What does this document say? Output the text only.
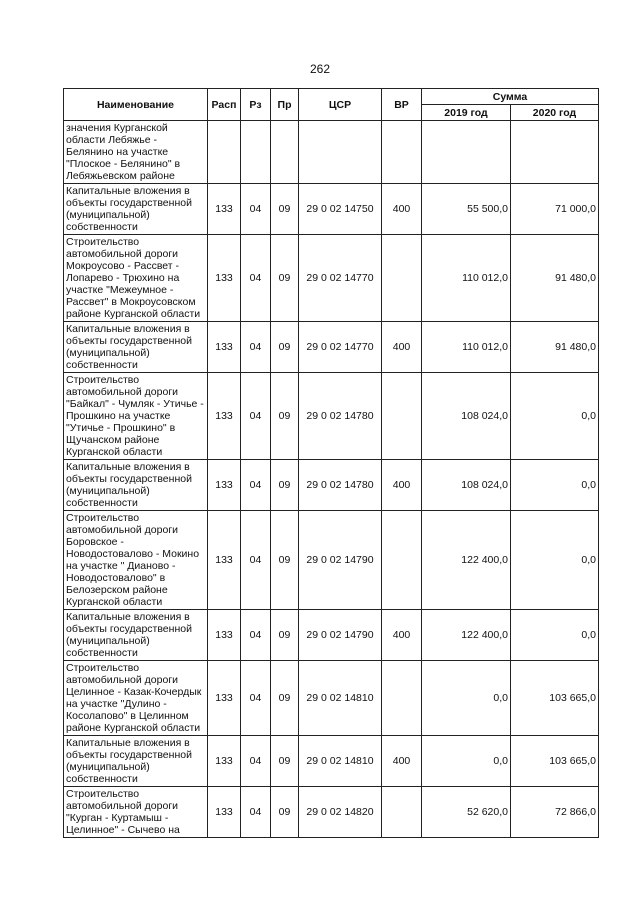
262
Наименование	Расп	Рз	Пр	ЦСР	ВР	Сумма	
						2019 год	2020 год
значения Курганской области Лебяжье - Белянино на участке "Плоское - Белянино" в Лебяжьевском районе							
Капитальные вложения в объекты государственной (муниципальной) собственности	133	04	09	29 0 02 14750	400	55 500,0	71 000,0
Строительство автомобильной дороги Мокроусово - Рассвет - Лопарево - Трюхино на участке "Межеумное - Рассвет" в Мокроусовском районе Курганской области	133	04	09	29 0 02 14770		110 012,0	91 480,0
Капитальные вложения в объекты государственной (муниципальной) собственности	133	04	09	29 0 02 14770	400	110 012,0	91 480,0
Строительство автомобильной дороги "Байкал" - Чумляк - Утичье - Прошкино на участке "Утичье - Прошкино" в Щучанском районе Курганской области	133	04	09	29 0 02 14780		108 024,0	0,0
Капитальные вложения в объекты государственной (муниципальной) собственности	133	04	09	29 0 02 14780	400	108 024,0	0,0
Строительство автомобильной дороги Боровское - Новодостовалово - Мокино на участке " Дианово - Новодостовалово" в Белозерском районе Курганской области	133	04	09	29 0 02 14790		122 400,0	0,0
Капитальные вложения в объекты государственной (муниципальной) собственности	133	04	09	29 0 02 14790	400	122 400,0	0,0
Строительство автомобильной дороги Целинное - Казак-Кочердык на участке "Дулино - Косолапово" в Целинном районе Курганской области	133	04	09	29 0 02 14810		0,0	103 665,0
Капитальные вложения в объекты государственной (муниципальной) собственности	133	04	09	29 0 02 14810	400	0,0	103 665,0
Строительство автомобильной дороги "Курган - Куртамыш - Целинное" - Сычево на	133	04	09	29 0 02 14820		52 620,0	72 866,0
